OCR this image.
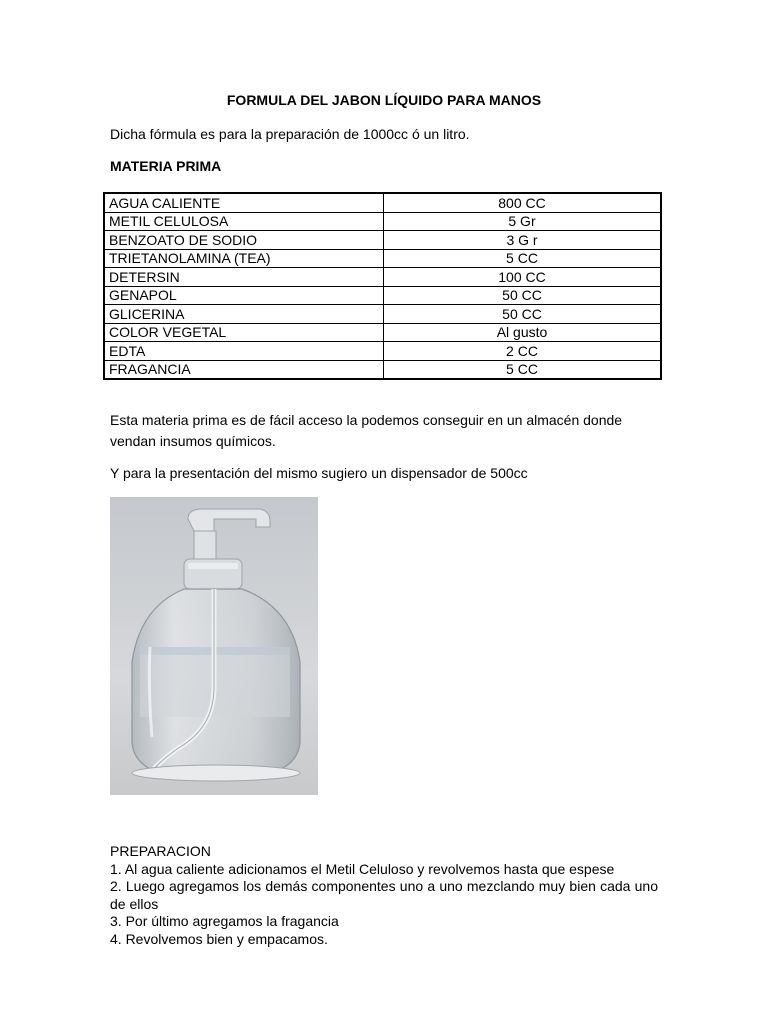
FORMULA DEL JABON LÍQUIDO PARA MANOS
Dicha fórmula es para la preparación de 1000cc ó un litro.
MATERIA PRIMA
AGUA CALIENTE	800 CC
METIL CELULOSA	5 Gr
BENZOATO DE SODIO	3 G r
TRIETANOLAMINA (TEA)	5 CC
DETERSIN	100 CC
GENAPOL	50 CC
GLICERINA	50 CC
COLOR VEGETAL	Al gusto
EDTA	2 CC
FRAGANCIA	5 CC
Esta materia prima es de fácil acceso la podemos conseguir en un almacén donde vendan insumos químicos.
Y para la presentación del mismo sugiero un dispensador de 500cc
PREPARACION
1. Al agua caliente adicionamos el Metil Celuloso y revolvemos hasta que espese
2. Luego agregamos los demás componentes uno a uno mezclando muy bien cada uno de ellos
3. Por último agregamos la fragancia
4. Revolvemos bien y empacamos.
